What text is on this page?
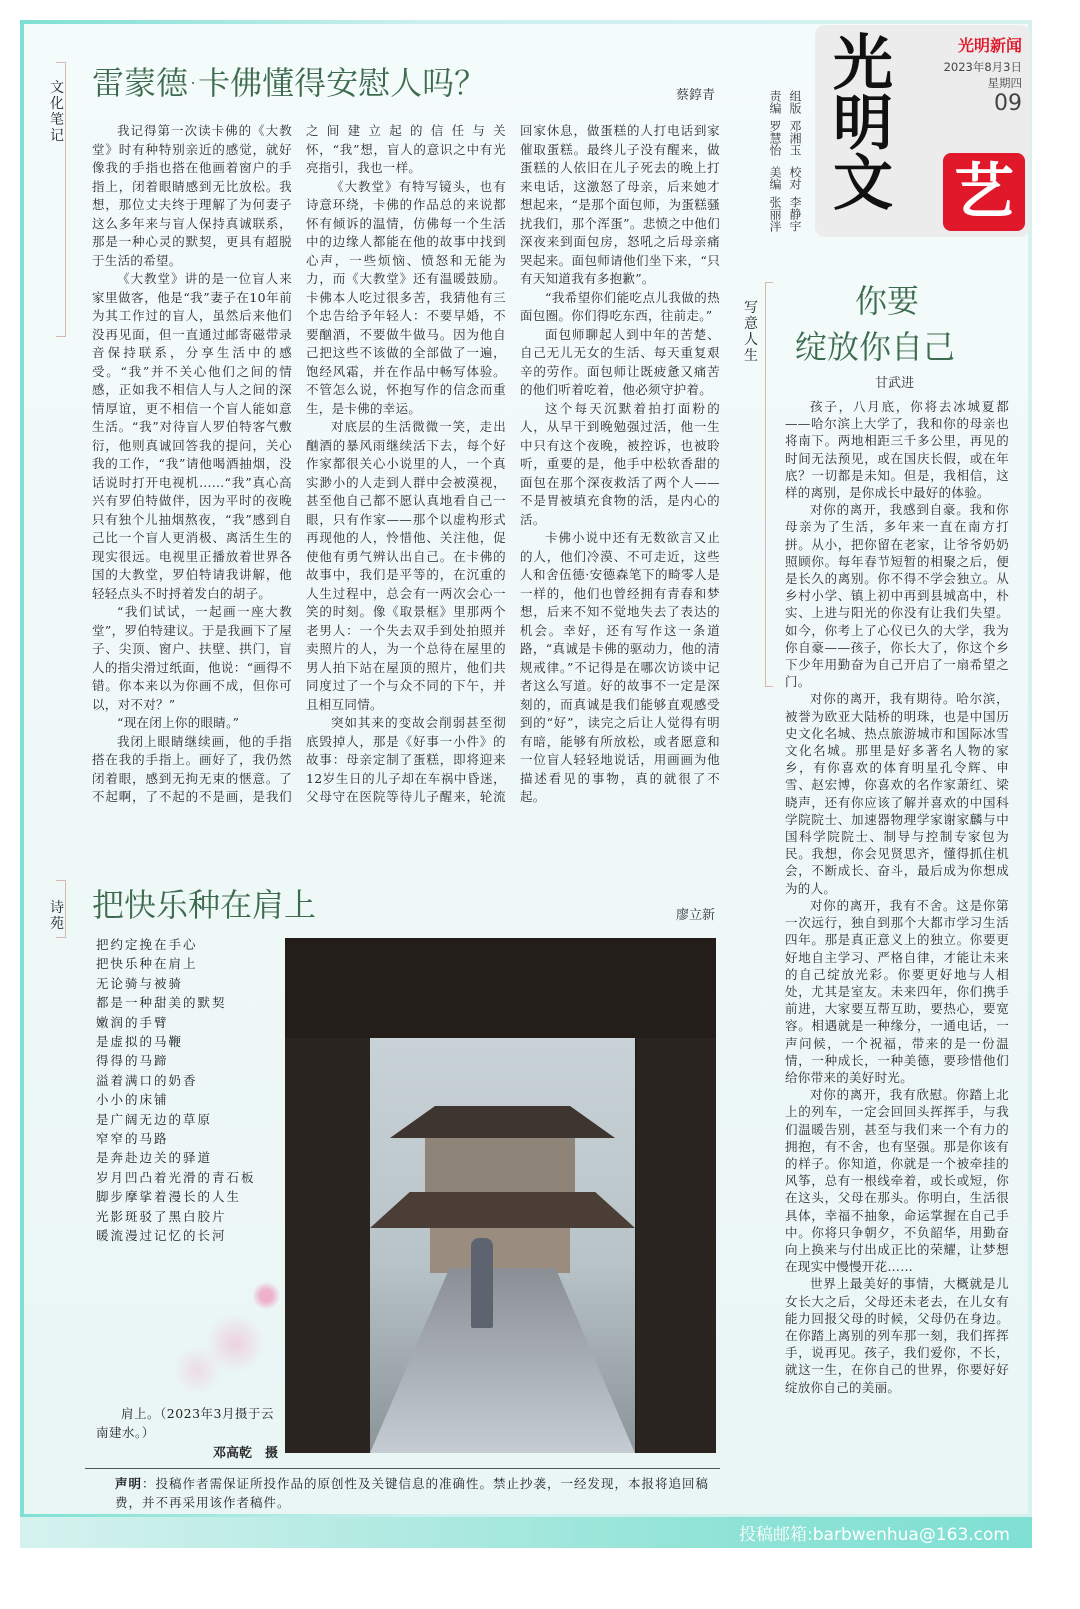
光明文 艺
光明新闻
2023年8月3日
星期四
09
组版
邓湘玉
校对
李静宇
责编
罗慧怡
美编
张丽泮
文化笔记
雷蒙德·卡佛懂得安慰人吗？	蔡錞青

我记得第一次读卡佛的《大教堂》时有种特别亲近的感觉，就好像我的手指也搭在他画着窗户的手指上，闭着眼睛感到无比放松。我想，那位丈夫终于理解了为何妻子这么多年来与盲人保持真诚联系，那是一种心灵的默契，更具有超脱于生活的希望。

《大教堂》讲的是一位盲人来家里做客，他是“我”妻子在10年前为其工作过的盲人，虽然后来他们没再见面，但一直通过邮寄磁带录音保持联系，分享生活中的感受。“我”并不关心他们之间的情感，正如我不相信人与人之间的深情厚谊，更不相信一个盲人能如意生活。“我”对待盲人罗伯特客气敷衍，他则真诚回答我的提问，关心我的工作，“我”请他喝酒抽烟，没话说时打开电视机……“我”真心高兴有罗伯特做伴，因为平时的夜晚只有独个儿抽烟熬夜，“我”感到自己比一个盲人更消极、离活生生的现实很远。电视里正播放着世界各国的大教堂，罗伯特请我讲解，他轻轻点头不时捋着发白的胡子。

“我们试试，一起画一座大教堂”，罗伯特建议。于是我画下了屋子、尖顶、窗户、扶壁、拱门，盲人的指尖滑过纸面，他说：“画得不错。你本来以为你画不成，但你可以，对不对？”

“现在闭上你的眼睛。”

我闭上眼睛继续画，他的手指搭在我的手指上。画好了，我仍然闭着眼，感到无拘无束的惬意。了不起啊，了不起的不是画，是我们之间建立起的信任与关怀，“我”想，盲人的意识之中有光亮指引，我也一样。

《大教堂》有特写镜头，也有诗意环绕，卡佛的作品总的来说都怀有倾诉的温情，仿佛每一个生活中的边缘人都能在他的故事中找到心声，一些烦恼、愤怒和无能为力，而《大教堂》还有温暖鼓励。卡佛本人吃过很多苦，我猜他有三个忠告给予年轻人：不要早婚，不要酗酒，不要做牛做马。因为他自己把这些不该做的全部做了一遍，饱经风霜，并在作品中畅写体验。不管怎么说，怀抱写作的信念而重生，是卡佛的幸运。

对底层的生活微微一笑，走出酗酒的暴风雨继续活下去，每个好作家都很关心小说里的人，一个真实渺小的人走到人群中会被漠视，甚至他自己都不愿认真地看自己一眼，只有作家——那个以虚构形式再现他的人，怜惜他、关注他，促使他有勇气辨认出自己。在卡佛的故事中，我们是平等的，在沉重的人生过程中，总会有一两次会心一笑的时刻。像《取景框》里那两个老男人：一个失去双手到处拍照并卖照片的人，为一个总待在屋里的男人拍下站在屋顶的照片，他们共同度过了一个与众不同的下午，并且相互同情。

突如其来的变故会削弱甚至彻底毁掉人，那是《好事一小件》的故事：母亲定制了蛋糕，即将迎来12岁生日的儿子却在车祸中昏迷，父母守在医院等待儿子醒来，轮流回家休息，做蛋糕的人打电话到家催取蛋糕。最终儿子没有醒来，做蛋糕的人依旧在儿子死去的晚上打来电话，这激怒了母亲，后来她才想起来，“是那个面包师，为蛋糕骚扰我们，那个浑蛋”。悲愤之中他们深夜来到面包房，怒吼之后母亲痛哭起来。面包师请他们坐下来，“只有天知道我有多抱歉”。

“我希望你们能吃点儿我做的热面包圈。你们得吃东西，往前走。”

面包师聊起人到中年的苦楚、自己无儿无女的生活、每天重复艰辛的劳作。面包师让既疲惫又痛苦的他们听着吃着，他必须守护着。

这个每天沉默着拍打面粉的人，从早干到晚勉强过活，他一生中只有这个夜晚，被控诉，也被聆听，重要的是，他手中松软香甜的面包在那个深夜救活了两个人——不是胃被填充食物的活，是内心的活。

卡佛小说中还有无数欲言又止的人，他们冷漠、不可走近，这些人和舍伍德·安德森笔下的畸零人是一样的，他们也曾经拥有青春和梦想，后来不知不觉地失去了表达的机会。幸好，还有写作这一条道路，“真诚是卡佛的驱动力，他的清规戒律。”不记得是在哪次访谈中记者这么写道。好的故事不一定是深刻的，而真诚是我们能够直观感受到的“好”，读完之后让人觉得有明有暗，能够有所放松，或者愿意和一位盲人轻轻地说话，用画画为他描述看见的事物，真的就很了不起。

写意人生
你要
绽放你自己
甘武进

孩子，八月底，你将去冰城夏都——哈尔滨上大学了，我和你的母亲也将南下。两地相距三千多公里，再见的时间无法预见，或在国庆长假，或在年底？一切都是未知。但是，我相信，这样的离别，是你成长中最好的体验。

对你的离开，我感到自豪。我和你母亲为了生活，多年来一直在南方打拼。从小，把你留在老家，让爷爷奶奶照顾你。每年春节短暂的相聚之后，便是长久的离别。你不得不学会独立。从乡村小学、镇上初中再到县城高中，朴实、上进与阳光的你没有让我们失望。如今，你考上了心仪已久的大学，我为你自豪——孩子，你长大了，你这个乡下少年用勤奋为自己开启了一扇希望之门。

对你的离开，我有期待。哈尔滨，被誉为欧亚大陆桥的明珠，也是中国历史文化名城、热点旅游城市和国际冰雪文化名城。那里是好多著名人物的家乡，有你喜欢的体育明星孔令辉、申雪、赵宏博，你喜欢的名作家萧红、梁晓声，还有你应该了解并喜欢的中国科学院院士、加速器物理学家谢家麟与中国科学院院士、制导与控制专家包为民。我想，你会见贤思齐，懂得抓住机会，不断成长、奋斗，最后成为你想成为的人。

对你的离开，我有不舍。这是你第一次远行，独自到那个大都市学习生活四年。那是真正意义上的独立。你要更好地自主学习、严格自律，才能让未来的自己绽放光彩。你要更好地与人相处，尤其是室友。未来四年，你们携手前进，大家要互帮互助，要热心，要宽容。相遇就是一种缘分，一通电话，一声问候，一个祝福，带来的是一份温情，一种成长，一种美德，要珍惜他们给你带来的美好时光。

对你的离开，我有欣慰。你踏上北上的列车，一定会回回头挥挥手，与我们温暖告别，甚至与我们来一个有力的拥抱，有不舍，也有坚强。那是你该有的样子。你知道，你就是一个被牵挂的风筝，总有一根线牵着，或长或短，你在这头，父母在那头。你明白，生活很具体，幸福不抽象，命运掌握在自己手中。你将只争朝夕，不负韶华，用勤奋向上换来与付出成正比的荣耀，让梦想在现实中慢慢开花……

世界上最美好的事情，大概就是儿女长大之后，父母还未老去，在儿女有能力回报父母的时候，父母仍在身边。在你踏上离别的列车那一刻，我们挥挥手，说再见。孩子，我们爱你，不长，就这一生，在你自己的世界，你要好好绽放你自己的美丽。

诗苑 把快乐种在肩上	廖立新
把约定挽在手心
把快乐种在肩上
无论骑与被骑
都是一种甜美的默契
嫩润的手臂
是虚拟的马鞭
得得的马蹄
溢着满口的奶香
小小的床铺
是广阔无边的草原
窄窄的马路
是奔赴边关的驿道
岁月凹凸着光滑的青石板
脚步摩挲着漫长的人生
光影斑驳了黑白胶片
暖流漫过记忆的长河
肩上。（2023年3月摄于云南建水。）
邓高乾　摄
声明：投稿作者需保证所投作品的原创性及关键信息的准确性。禁止抄袭，一经发现，本报将追回稿费，并不再采用该作者稿件。
投稿邮箱:barbwenhua@163.com
